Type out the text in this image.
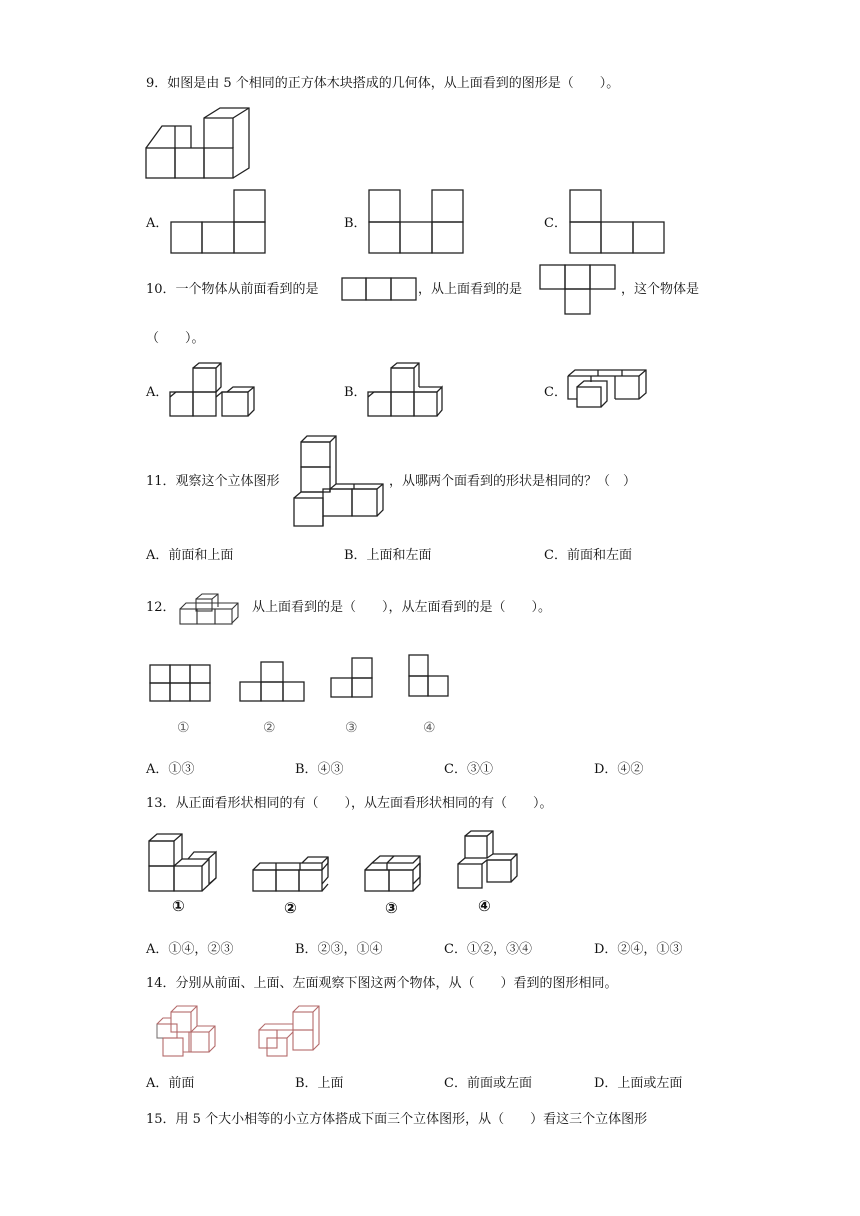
9．如图是由 5 个相同的正方体木块搭成的几何体，从上面看到的图形是（　　）。
A．	B．	C．
10．一个物体从前面看到的是	，从上面看到的是	，这个物体是
（　　）。
A．	B．	C．
11．观察这个立体图形	，从哪两个面看到的形状是相同的？（　）
A．前面和上面	B．上面和左面	C．前面和左面
12．	从上面看到的是（　　），从左面看到的是（　　）。
①	②	③	④
A．①③	B．④③	C．③①	D．④②
13．从正面看形状相同的有（　　），从左面看形状相同的有（　　）。
①	②	③	④
A．①④，②③	B．②③，①④	C．①②，③④	D．②④，①③
14．分别从前面、上面、左面观察下图这两个物体，从（　　）看到的图形相同。
A．前面	B．上面	C．前面或左面	D．上面或左面
15．用 5 个大小相等的小立方体搭成下面三个立体图形，从（　　）看这三个立体图形
